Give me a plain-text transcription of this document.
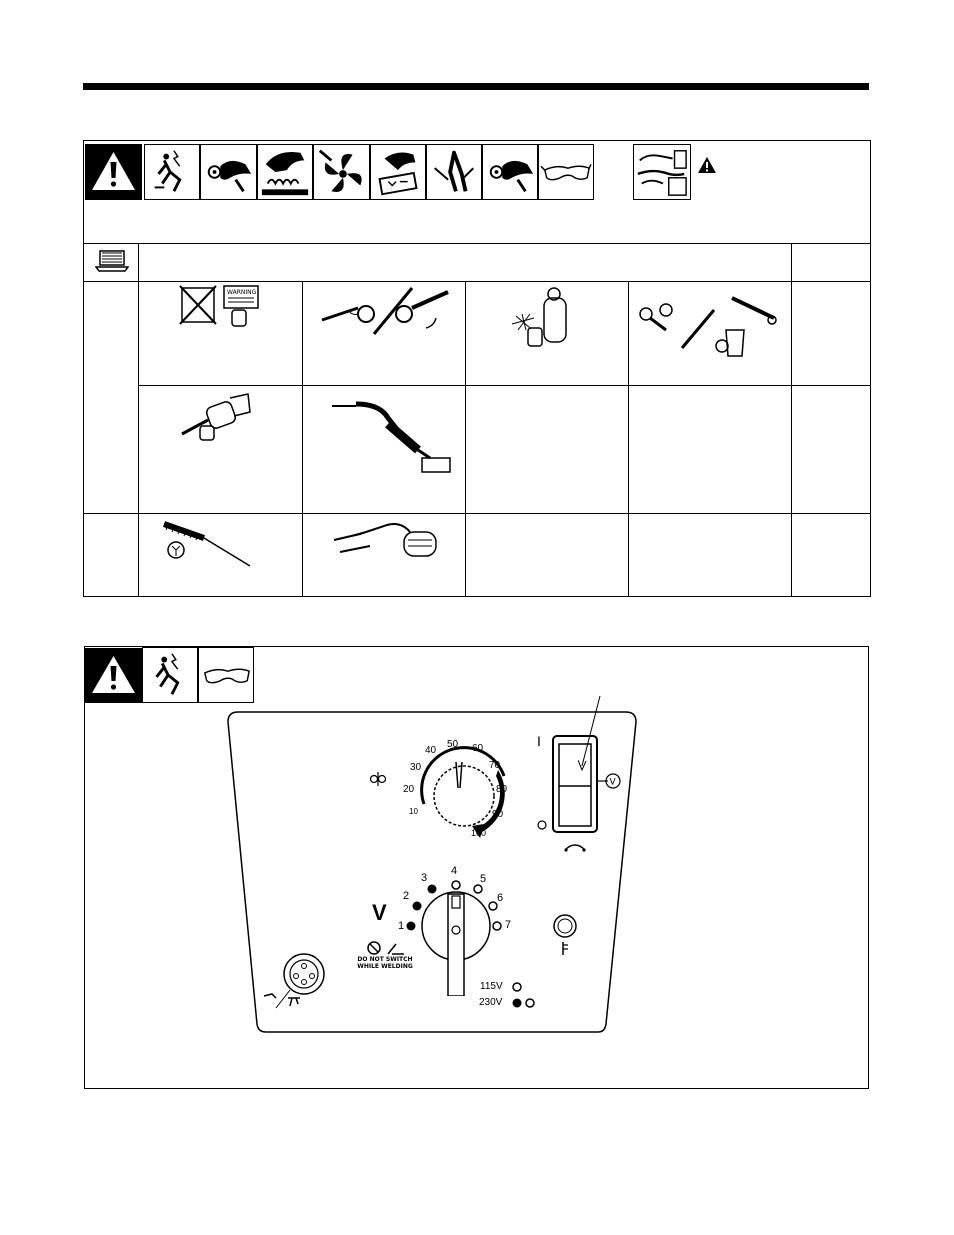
WARNING
10
20
30
40
50 60
70
80
90
100
I
V
V
1
2
3
4
5
6
7
DO NOT SWITCH
WHILE WELDING
115V
230V
